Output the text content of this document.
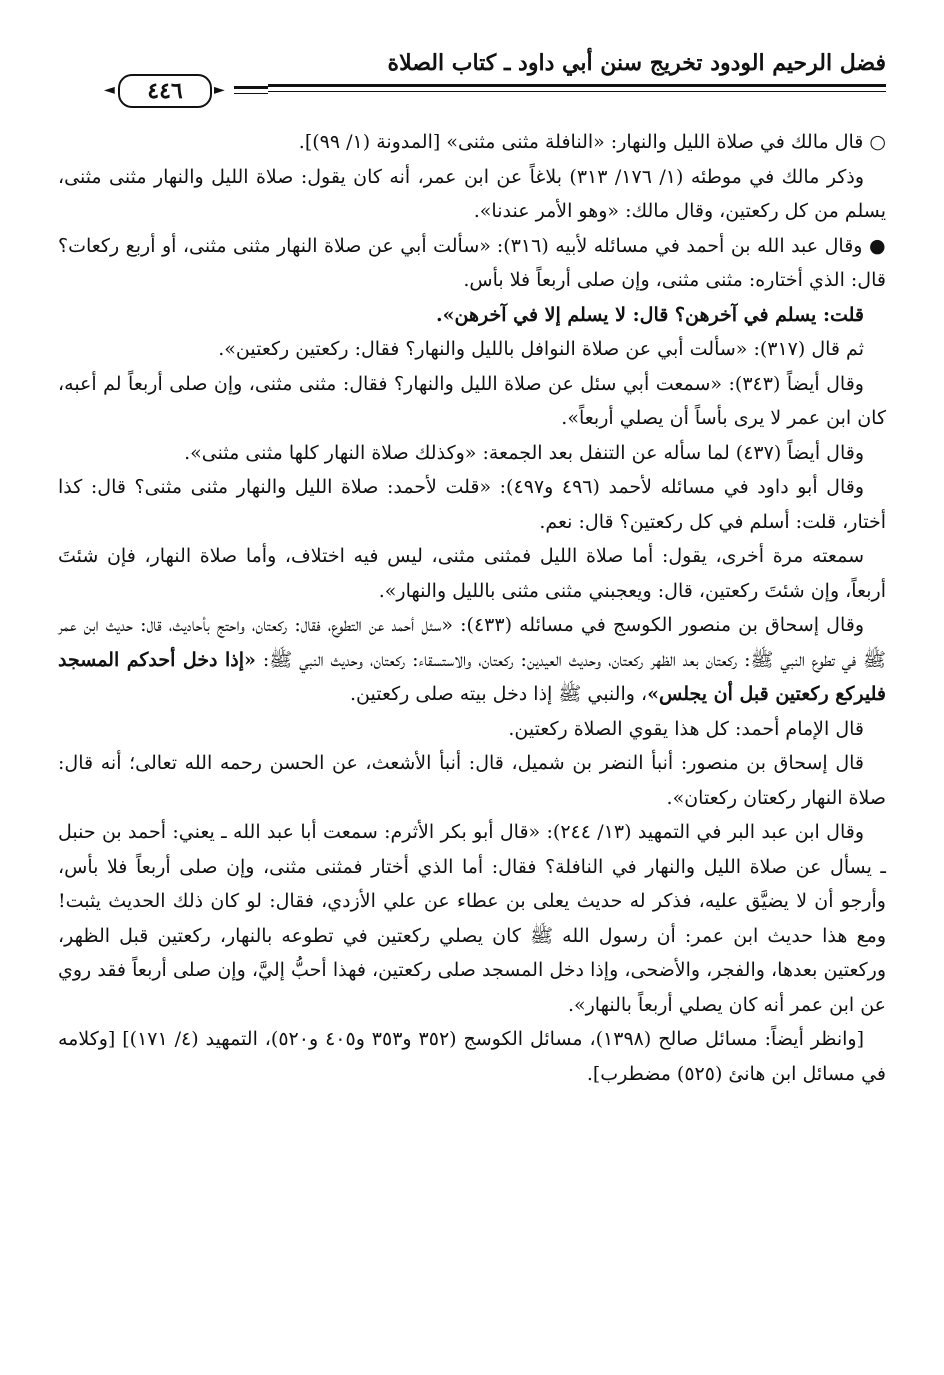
فضل الرحيم الودود تخريج سنن أبي داود ـ كتاب الصلاة
◄	٤٤٦	►

○ قال مالك في صلاة الليل والنهار: «النافلة مثنى مثنى» [المدونة (١/ ٩٩)].

وذكر مالك في موطئه (١/ ١٧٦/ ٣١٣) بلاغاً عن ابن عمر، أنه كان يقول: صلاة الليل والنهار مثنى مثنى، يسلم من كل ركعتين، وقال مالك: «وهو الأمر عندنا».

● وقال عبد الله بن أحمد في مسائله لأبيه (٣١٦): «سألت أبي عن صلاة النهار مثنى مثنى، أو أربع ركعات؟ قال: الذي أختاره: مثنى مثنى، وإن صلى أربعاً فلا بأس.

قلت: يسلم في آخرهن؟ قال: لا يسلم إلا في آخرهن».

ثم قال (٣١٧): «سألت أبي عن صلاة النوافل بالليل والنهار؟ فقال: ركعتين ركعتين».

وقال أيضاً (٣٤٣): «سمعت أبي سئل عن صلاة الليل والنهار؟ فقال: مثنى مثنى، وإن صلى أربعاً لم أعبه، كان ابن عمر لا يرى بأساً أن يصلي أربعاً».

وقال أيضاً (٤٣٧) لما سأله عن التنفل بعد الجمعة: «وكذلك صلاة النهار كلها مثنى مثنى».

وقال أبو داود في مسائله لأحمد (٤٩٦ و٤٩٧): «قلت لأحمد: صلاة الليل والنهار مثنى مثنى؟ قال: كذا أختار، قلت: أسلم في كل ركعتين؟ قال: نعم.

سمعته مرة أخرى، يقول: أما صلاة الليل فمثنى مثنى، ليس فيه اختلاف، وأما صلاة النهار، فإن شئتَ أربعاً، وإن شئتَ ركعتين، قال: ويعجبني مثنى مثنى بالليل والنهار».

وقال إسحاق بن منصور الكوسج في مسائله (٤٣٣): «سئل أحمد عن التطوع، فقال: ركعتان، واحتج بأحاديث، قال: حديث ابن عمر ﷺ في تطوع النبي ﷺ: ركعتان بعد الظهر ركعتان، وحديث العيدين: ركعتان، والاستسقاء: ركعتان، وحديث النبي ﷺ: «إذا دخل أحدكم المسجد فليركع ركعتين قبل أن يجلس»، والنبي ﷺ إذا دخل بيته صلى ركعتين.

قال الإمام أحمد: كل هذا يقوي الصلاة ركعتين.

قال إسحاق بن منصور: أنبأ النضر بن شميل، قال: أنبأ الأشعث، عن الحسن رحمه الله تعالى؛ أنه قال: صلاة النهار ركعتان ركعتان».

وقال ابن عبد البر في التمهيد (١٣/ ٢٤٤): «قال أبو بكر الأثرم: سمعت أبا عبد الله ـ يعني: أحمد بن حنبل ـ يسأل عن صلاة الليل والنهار في النافلة؟ فقال: أما الذي أختار فمثنى مثنى، وإن صلى أربعاً فلا بأس، وأرجو أن لا يضيَّق عليه، فذكر له حديث يعلى بن عطاء عن علي الأزدي، فقال: لو كان ذلك الحديث يثبت! ومع هذا حديث ابن عمر: أن رسول الله ﷺ كان يصلي ركعتين في تطوعه بالنهار، ركعتين قبل الظهر، وركعتين بعدها، والفجر، والأضحى، وإذا دخل المسجد صلى ركعتين، فهذا أحبُّ إليَّ، وإن صلى أربعاً فقد روي عن ابن عمر أنه كان يصلي أربعاً بالنهار».

[وانظر أيضاً: مسائل صالح (١٣٩٨)، مسائل الكوسج (٣٥٢ و٣٥٣ و٤٠٥ و٥٢٠)، التمهيد (٤/ ١٧١)] [وكلامه في مسائل ابن هانئ (٥٢٥) مضطرب].
